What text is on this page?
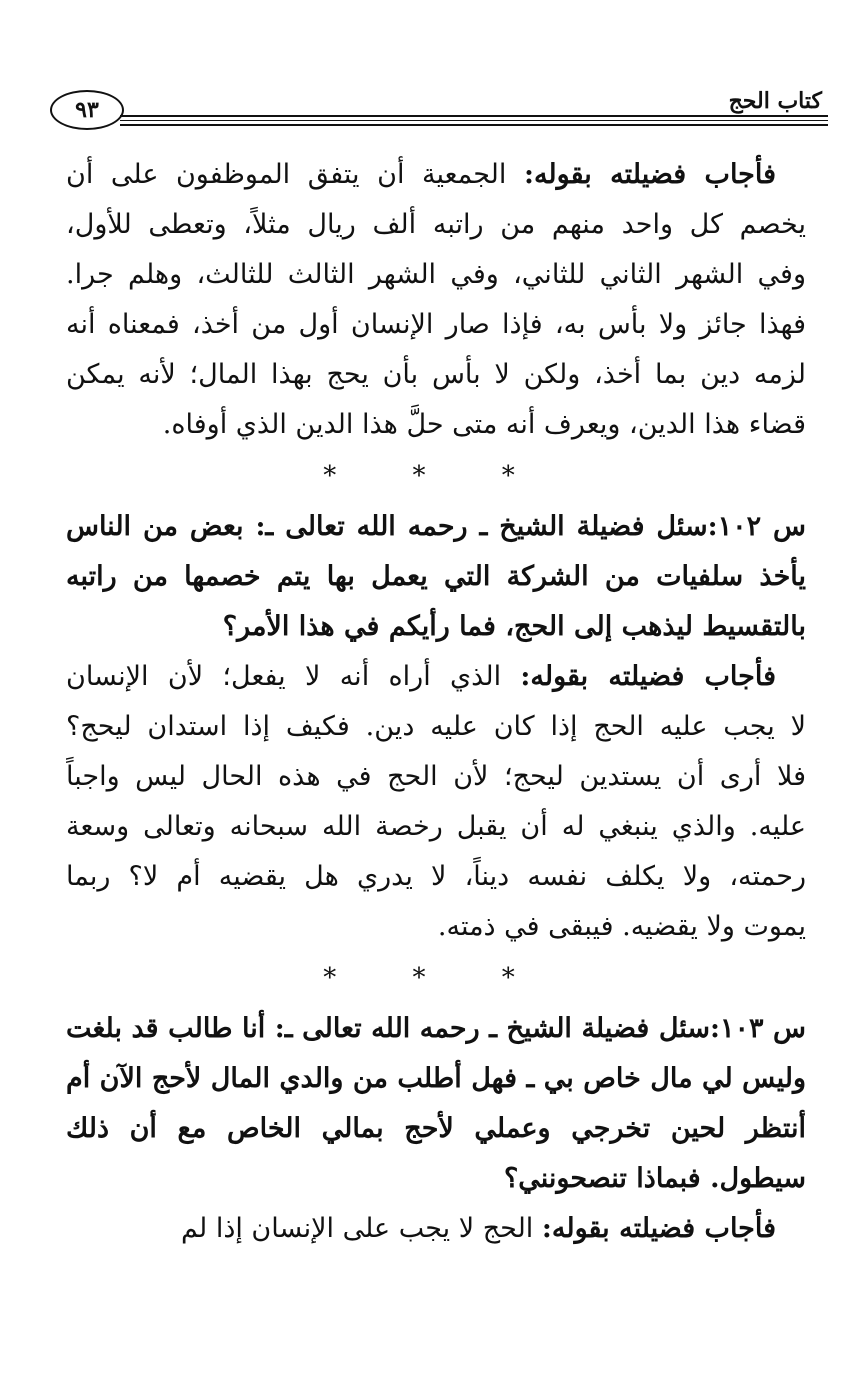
كتاب الحج
٩٣
فأجاب فضيلته بقوله: الجمعية أن يتفق الموظفون على أن
يخصم كل واحد منهم من راتبه ألف ريال مثلاً، وتعطى للأول،
وفي الشهر الثاني للثاني، وفي الشهر الثالث للثالث، وهلم جرا.
فهذا جائز ولا بأس به، فإذا صار الإنسان أول من أخذ، فمعناه أنه
لزمه دين بما أخذ، ولكن لا بأس بأن يحج بهذا المال؛ لأنه يمكن
قضاء هذا الدين، ويعرف أنه متى حلَّ هذا الدين الذي أوفاه.
* * *
س ١٠٢:سئل فضيلة الشيخ ـ رحمه الله تعالى ـ: بعض من الناس
يأخذ سلفيات من الشركة التي يعمل بها يتم خصمها من راتبه
بالتقسيط ليذهب إلى الحج، فما رأيكم في هذا الأمر؟
فأجاب فضيلته بقوله: الذي أراه أنه لا يفعل؛ لأن الإنسان
لا يجب عليه الحج إذا كان عليه دين. فكيف إذا استدان ليحج؟
فلا أرى أن يستدين ليحج؛ لأن الحج في هذه الحال ليس واجباً
عليه. والذي ينبغي له أن يقبل رخصة الله سبحانه وتعالى وسعة
رحمته، ولا يكلف نفسه ديناً، لا يدري هل يقضيه أم لا؟ ربما
يموت ولا يقضيه. فيبقى في ذمته.
* * *
س ١٠٣:سئل فضيلة الشيخ ـ رحمه الله تعالى ـ: أنا طالب قد بلغت
وليس لي مال خاص بي ـ فهل أطلب من والدي المال لأحج الآن أم
أنتظر لحين تخرجي وعملي لأحج بمالي الخاص مع أن ذلك
سيطول. فبماذا تنصحونني؟
فأجاب فضيلته بقوله: الحج لا يجب على الإنسان إذا لم
